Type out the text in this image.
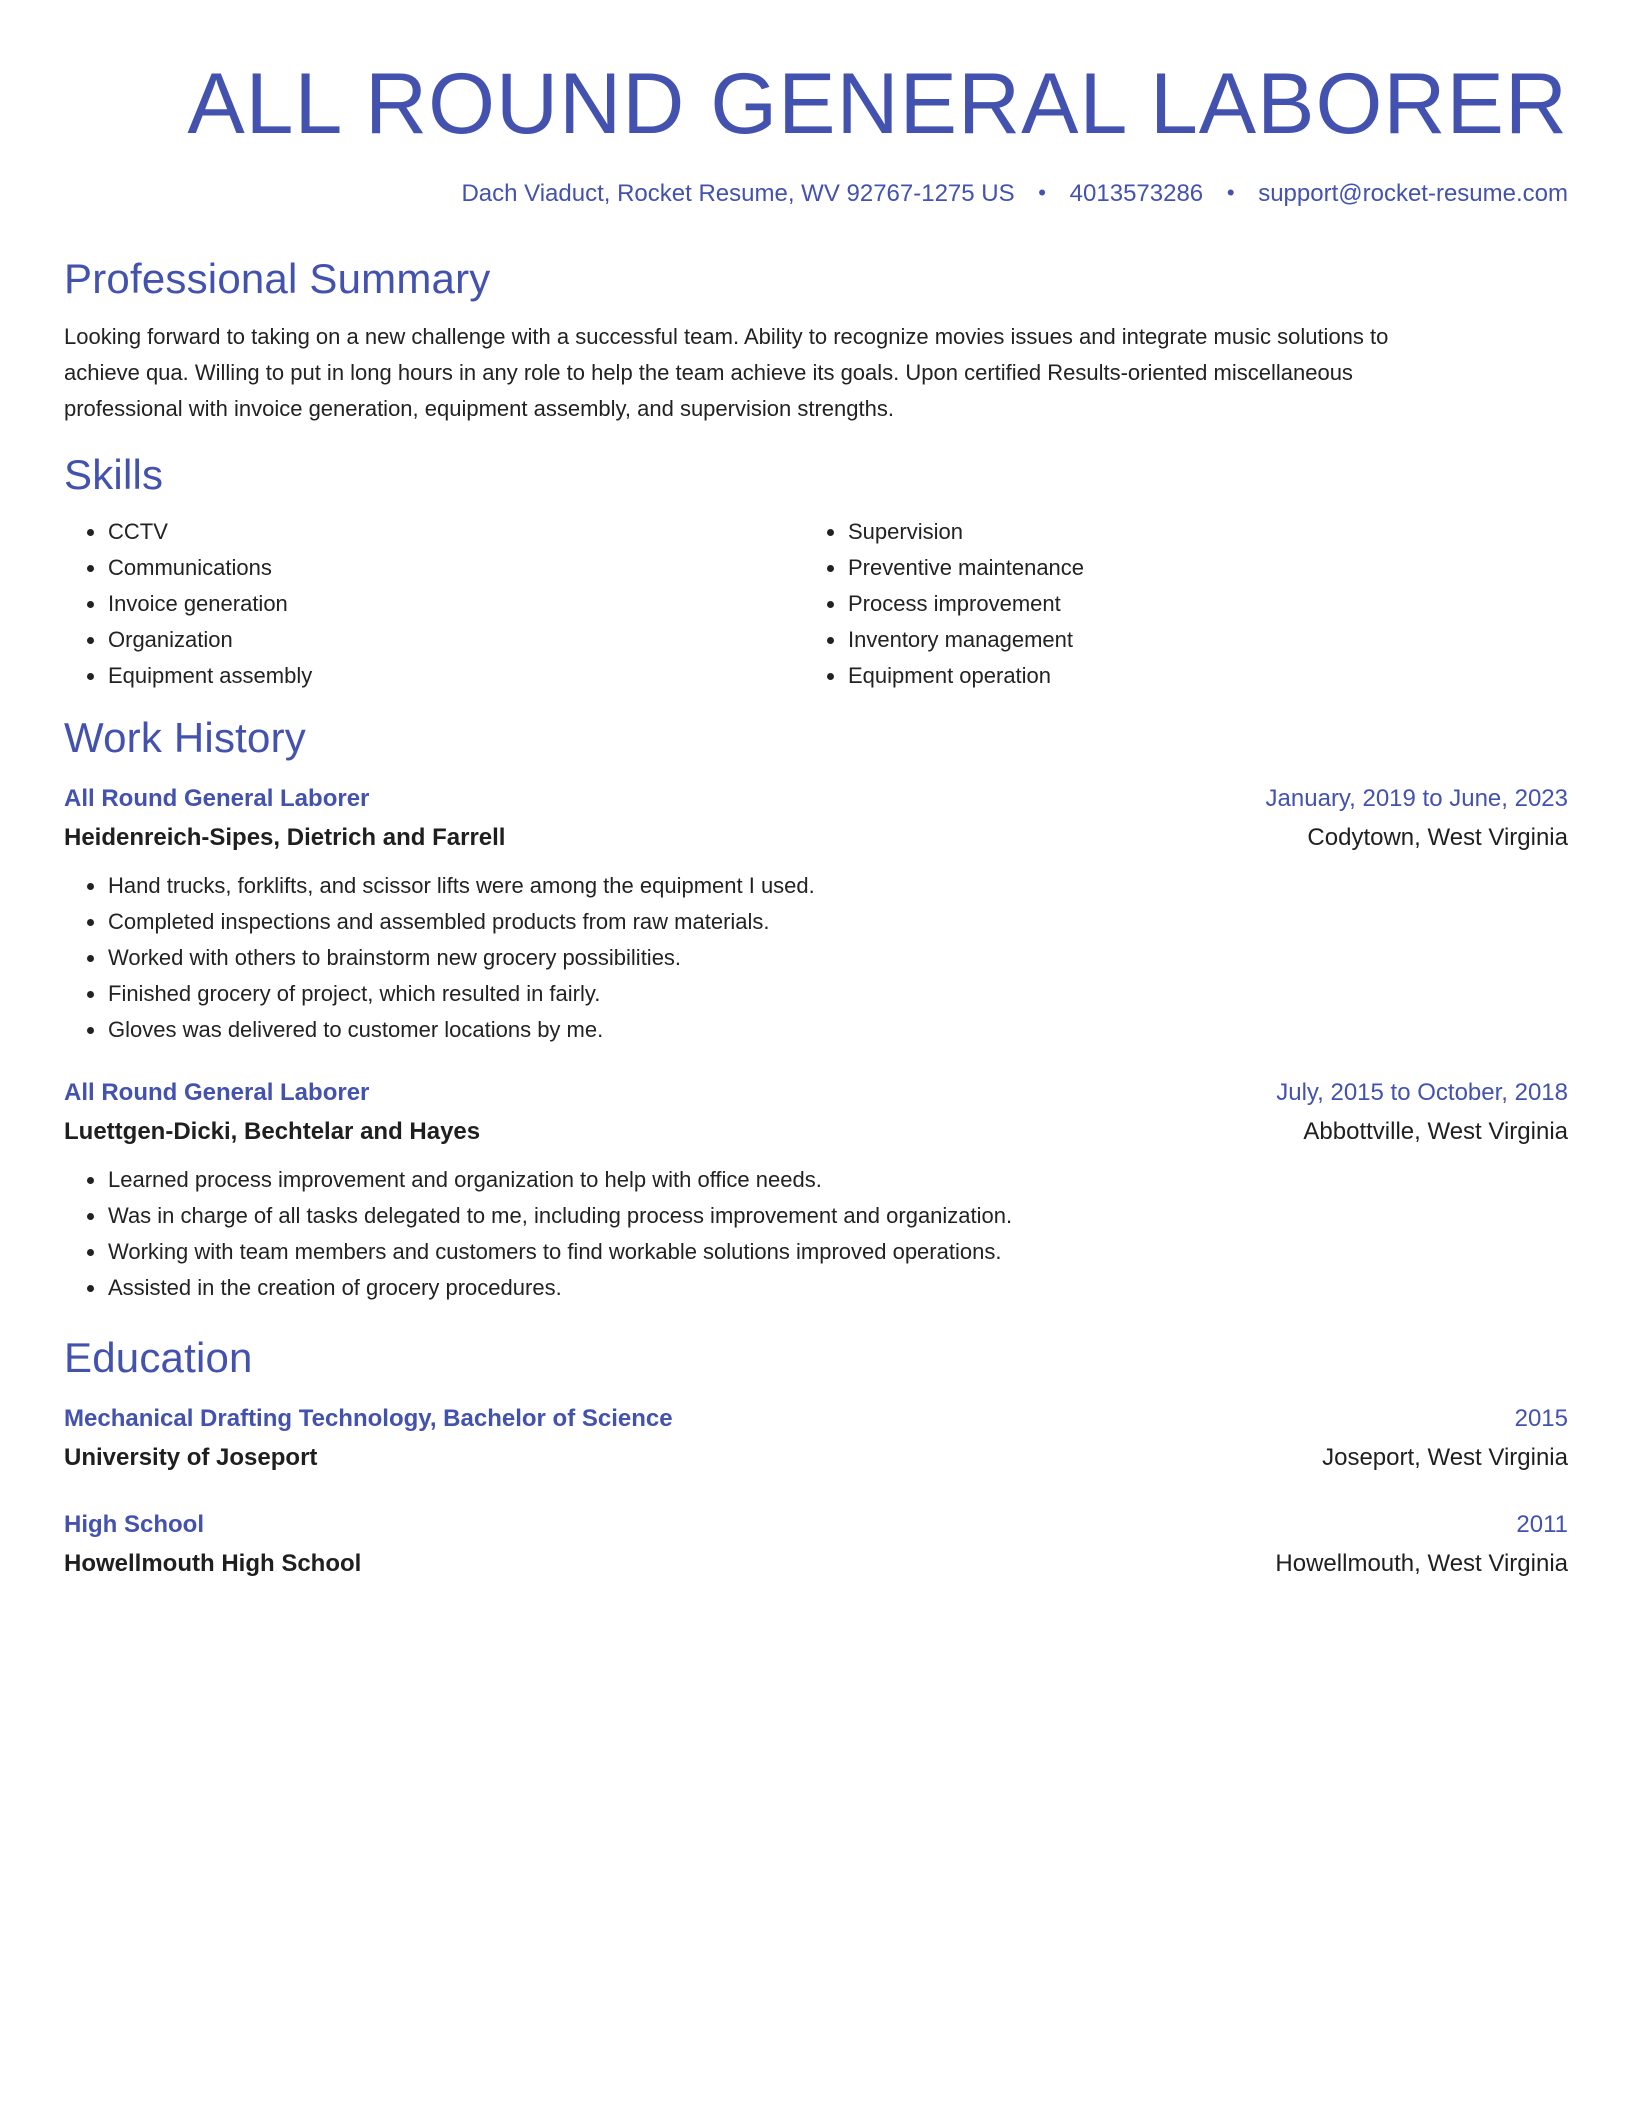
ALL ROUND GENERAL LABORER
Dach Viaduct, Rocket Resume, WV 92767-1275 US • 4013573286 • support@rocket-resume.com
Professional Summary

Looking forward to taking on a new challenge with a successful team. Ability to recognize movies issues and integrate music solutions to
achieve qua. Willing to put in long hours in any role to help the team achieve its goals. Upon certified Results-oriented miscellaneous
professional with invoice generation, equipment assembly, and supervision strengths.

Skills
• CCTV
• Communications
• Invoice generation
• Organization
• Equipment assembly
• Supervision
• Preventive maintenance
• Process improvement
• Inventory management
• Equipment operation
Work History
All Round General Laborer	January, 2019 to June, 2023
Heidenreich-Sipes, Dietrich and Farrell	Codytown, West Virginia
• Hand trucks, forklifts, and scissor lifts were among the equipment I used.
• Completed inspections and assembled products from raw materials.
• Worked with others to brainstorm new grocery possibilities.
• Finished grocery of project, which resulted in fairly.
• Gloves was delivered to customer locations by me.
All Round General Laborer	July, 2015 to October, 2018
Luettgen-Dicki, Bechtelar and Hayes	Abbottville, West Virginia
• Learned process improvement and organization to help with office needs.
• Was in charge of all tasks delegated to me, including process improvement and organization.
• Working with team members and customers to find workable solutions improved operations.
• Assisted in the creation of grocery procedures.
Education
Mechanical Drafting Technology, Bachelor of Science	2015
University of Joseport	Joseport, West Virginia
High School	2011
Howellmouth High School	Howellmouth, West Virginia
